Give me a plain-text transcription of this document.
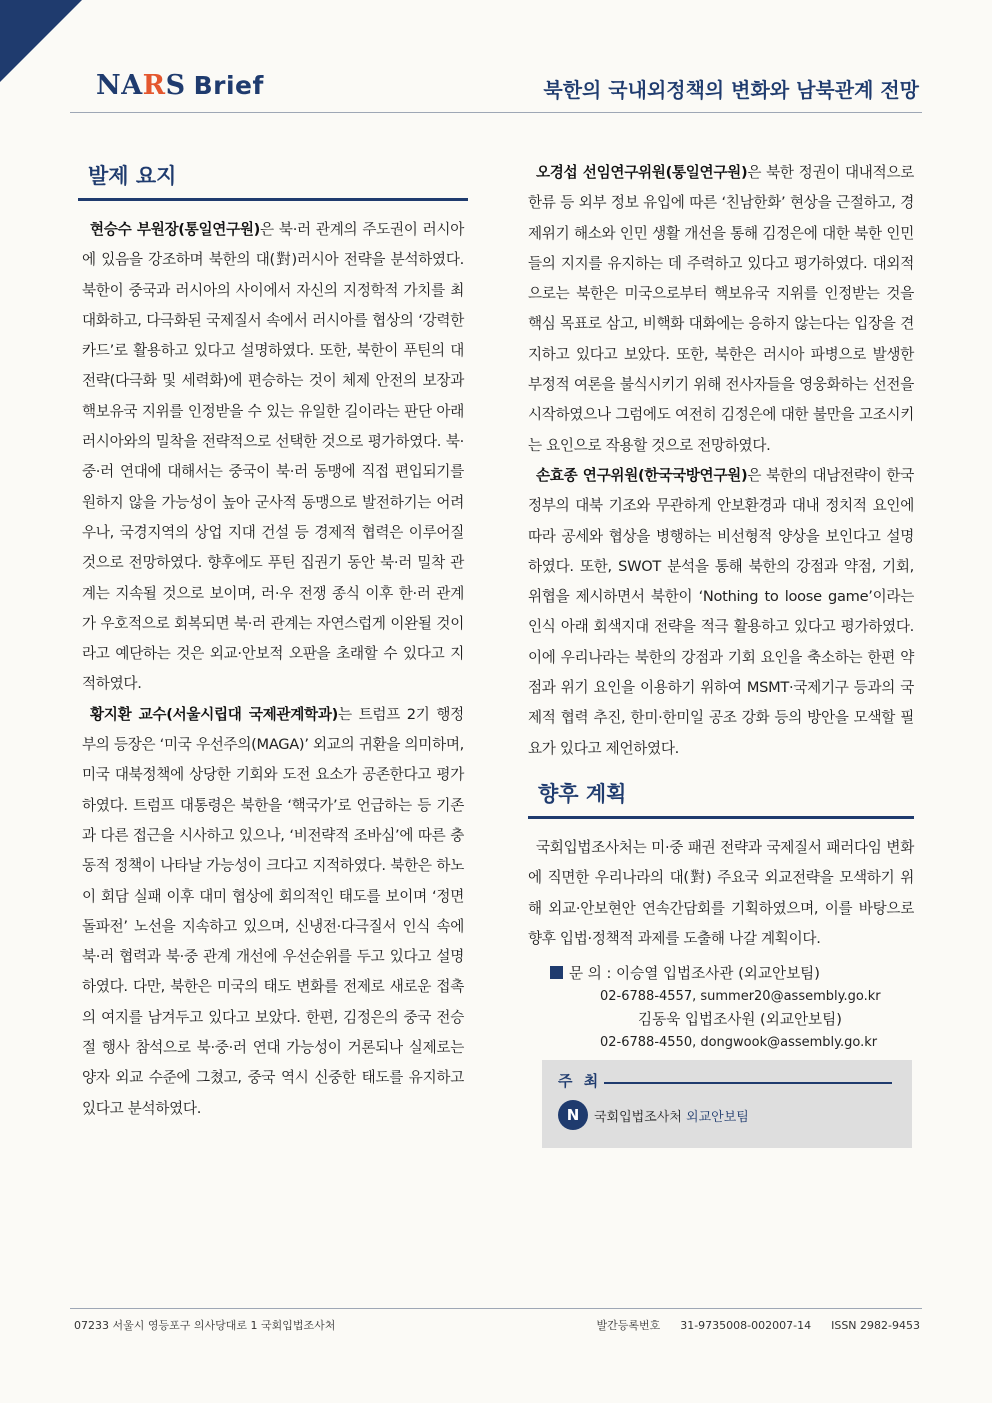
NARS Brief	북한의 국내외정책의 변화와 남북관계 전망
발제 요지

현승수 부원장(통일연구원)은 북·러 관계의 주도권이 러시아에 있음을 강조하며 북한의 대(對)러시아 전략을 분석하였다. 북한이 중국과 러시아의 사이에서 자신의 지정학적 가치를 최대화하고, 다극화된 국제질서 속에서 러시아를 협상의 ‘강력한 카드’로 활용하고 있다고 설명하였다. 또한, 북한이 푸틴의 대전략(다극화 및 세력화)에 편승하는 것이 체제 안전의 보장과 핵보유국 지위를 인정받을 수 있는 유일한 길이라는 판단 아래 러시아와의 밀착을 전략적으로 선택한 것으로 평가하였다. 북·중·러 연대에 대해서는 중국이 북·러 동맹에 직접 편입되기를 원하지 않을 가능성이 높아 군사적 동맹으로 발전하기는 어려우나, 국경지역의 상업 지대 건설 등 경제적 협력은 이루어질 것으로 전망하였다. 향후에도 푸틴 집권기 동안 북·러 밀착 관계는 지속될 것으로 보이며, 러·우 전쟁 종식 이후 한·러 관계가 우호적으로 회복되면 북·러 관계는 자연스럽게 이완될 것이라고 예단하는 것은 외교·안보적 오판을 초래할 수 있다고 지적하였다.

황지환 교수(서울시립대 국제관계학과)는 트럼프 2기 행정부의 등장은 ‘미국 우선주의(MAGA)’ 외교의 귀환을 의미하며, 미국 대북정책에 상당한 기회와 도전 요소가 공존한다고 평가하였다. 트럼프 대통령은 북한을 ‘핵국가’로 언급하는 등 기존과 다른 접근을 시사하고 있으나, ‘비전략적 조바심’에 따른 충동적 정책이 나타날 가능성이 크다고 지적하였다. 북한은 하노이 회담 실패 이후 대미 협상에 회의적인 태도를 보이며 ‘정면돌파전’ 노선을 지속하고 있으며, 신냉전·다극질서 인식 속에 북·러 협력과 북·중 관계 개선에 우선순위를 두고 있다고 설명하였다. 다만, 북한은 미국의 태도 변화를 전제로 새로운 접촉의 여지를 남겨두고 있다고 보았다. 한편, 김정은의 중국 전승절 행사 참석으로 북·중·러 연대 가능성이 거론되나 실제로는 양자 외교 수준에 그쳤고, 중국 역시 신중한 태도를 유지하고 있다고 분석하였다.

오경섭 선임연구위원(통일연구원)은 북한 정권이 대내적으로 한류 등 외부 정보 유입에 따른 ‘친남한화’ 현상을 근절하고, 경제위기 해소와 인민 생활 개선을 통해 김정은에 대한 북한 인민들의 지지를 유지하는 데 주력하고 있다고 평가하였다. 대외적으로는 북한은 미국으로부터 핵보유국 지위를 인정받는 것을 핵심 목표로 삼고, 비핵화 대화에는 응하지 않는다는 입장을 견지하고 있다고 보았다. 또한, 북한은 러시아 파병으로 발생한 부정적 여론을 불식시키기 위해 전사자들을 영웅화하는 선전을 시작하였으나 그럼에도 여전히 김정은에 대한 불만을 고조시키는 요인으로 작용할 것으로 전망하였다.

손효종 연구위원(한국국방연구원)은 북한의 대남전략이 한국 정부의 대북 기조와 무관하게 안보환경과 대내 정치적 요인에 따라 공세와 협상을 병행하는 비선형적 양상을 보인다고 설명하였다. 또한, SWOT 분석을 통해 북한의 강점과 약점, 기회, 위협을 제시하면서 북한이 ‘Nothing to loose game’이라는 인식 아래 회색지대 전략을 적극 활용하고 있다고 평가하였다. 이에 우리나라는 북한의 강점과 기회 요인을 축소하는 한편 약점과 위기 요인을 이용하기 위하여 MSMT·국제기구 등과의 국제적 협력 추진, 한미·한미일 공조 강화 등의 방안을 모색할 필요가 있다고 제언하였다.

향후 계획

국회입법조사처는 미·중 패권 전략과 국제질서 패러다임 변화에 직면한 우리나라의 대(對) 주요국 외교전략을 모색하기 위해 외교·안보현안 연속간담회를 기획하였으며, 이를 바탕으로 향후 입법·정책적 과제를 도출해 나갈 계획이다.

문 의 : 이승열 입법조사관 (외교안보팀)
02-6788-4557, summer20@assembly.go.kr
김동욱 입법조사원 (외교안보팀)
02-6788-4550, dongwook@assembly.go.kr
주 최
N	국회입법조사처 외교안보팀
07233 서울시 영등포구 의사당대로 1 국회입법조사처	발간등록번호 31-9735008-002007-14 ISSN 2982-9453
